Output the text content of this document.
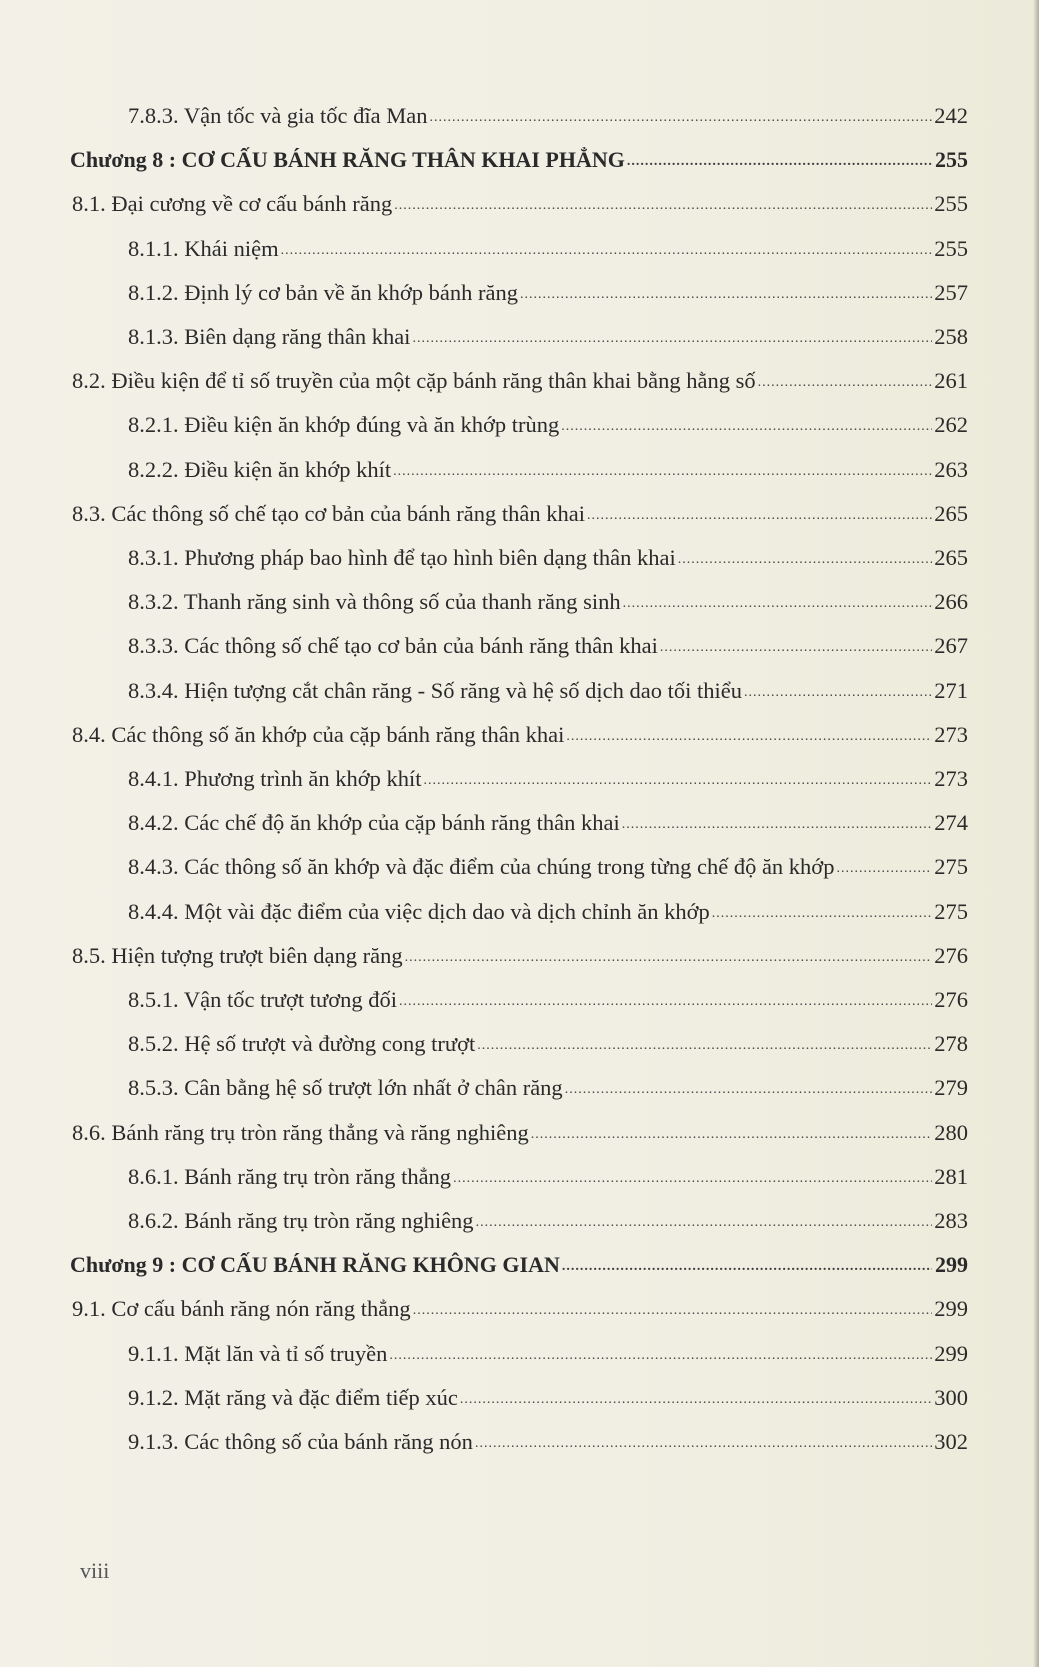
7.8.3. Vận tốc và gia tốc đĩa Man .....	242
Chương 8 : CƠ CẤU BÁNH RĂNG THÂN KHAI PHẲNG .....	255
8.1. Đại cương về cơ cấu bánh răng .....	255
8.1.1. Khái niệm .....	255
8.1.2. Định lý cơ bản về ăn khớp bánh răng .....	257
8.1.3. Biên dạng răng thân khai .....	258
8.2. Điều kiện để tỉ số truyền của một cặp bánh răng thân khai bằng hằng số .....	261
8.2.1. Điều kiện ăn khớp đúng và ăn khớp trùng .....	262
8.2.2. Điều kiện ăn khớp khít .....	263
8.3. Các thông số chế tạo cơ bản của bánh răng thân khai .....	265
8.3.1. Phương pháp bao hình để tạo hình biên dạng thân khai .....	265
8.3.2. Thanh răng sinh và thông số của thanh răng sinh .....	266
8.3.3. Các thông số chế tạo cơ bản của bánh răng thân khai .....	267
8.3.4. Hiện tượng cắt chân răng - Số răng và hệ số dịch dao tối thiểu .....	271
8.4. Các thông số ăn khớp của cặp bánh răng thân khai .....	273
8.4.1. Phương trình ăn khớp khít .....	273
8.4.2. Các chế độ ăn khớp của cặp bánh răng thân khai .....	274
8.4.3. Các thông số ăn khớp và đặc điểm của chúng trong từng chế độ ăn khớp .....	275
8.4.4. Một vài đặc điểm của việc dịch dao và dịch chỉnh ăn khớp .....	275
8.5. Hiện tượng trượt biên dạng răng .....	276
8.5.1. Vận tốc trượt tương đối .....	276
8.5.2. Hệ số trượt và đường cong trượt .....	278
8.5.3. Cân bằng hệ số trượt lớn nhất ở chân răng .....	279
8.6. Bánh răng trụ tròn răng thẳng và răng nghiêng .....	280
8.6.1. Bánh răng trụ tròn răng thẳng .....	281
8.6.2. Bánh răng trụ tròn răng nghiêng .....	283
Chương 9 : CƠ CẤU BÁNH RĂNG KHÔNG GIAN .....	299
9.1. Cơ cấu bánh răng nón răng thẳng .....	299
9.1.1. Mặt lăn và tỉ số truyền .....	299
9.1.2. Mặt răng và đặc điểm tiếp xúc .....	300
9.1.3. Các thông số của bánh răng nón .....	302
viii
